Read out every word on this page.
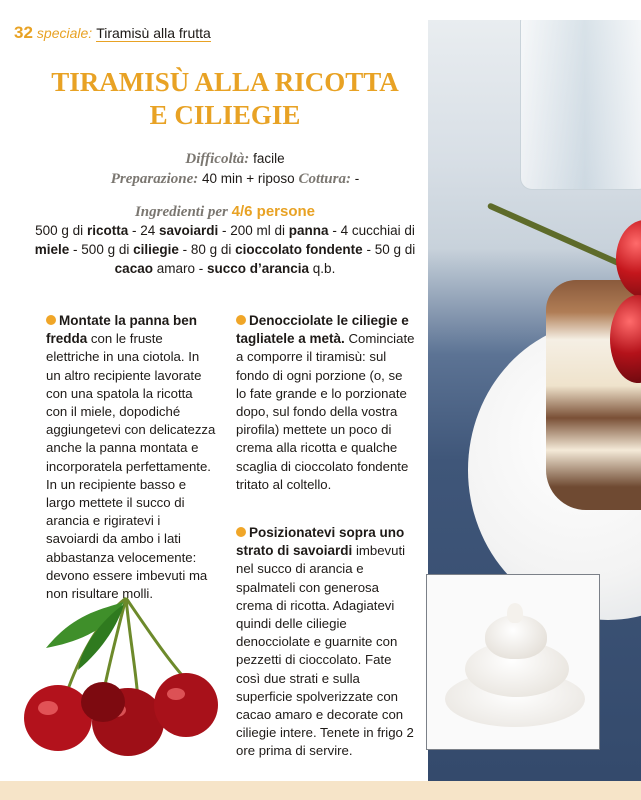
32 speciale: Tiramisù alla frutta
TIRAMISÙ ALLA RICOTTA
E CILIEGIE
Difficoltà: facile
Preparazione: 40 min + riposo Cottura: -
Ingredienti per 4/6 persone
500 g di ricotta - 24 savoiardi - 200 ml di panna - 4 cucchiai di miele - 500 g di ciliegie - 80 g di cioccolato fondente - 50 g di cacao amaro - succo d’arancia q.b.
Montate la panna ben fredda con le fruste elettriche in una ciotola. In un altro recipiente lavorate con una spatola la ricotta con il miele, dopodiché aggiungetevi con delicatezza anche la panna montata e incorporatela perfettamente. In un recipiente basso e largo mettete il succo di arancia e rigiratevi i savoiardi da ambo i lati abbastanza velocemente: devono essere imbevuti ma non risultare molli.
Denocciolate le ciliegie e tagliatele a metà. Cominciate a comporre il tiramisù: sul fondo di ogni porzione (o, se lo fate grande e lo porzionate dopo, sul fondo della vostra pirofila) mettete un poco di crema alla ricotta e qualche scaglia di cioccolato fondente tritato al coltello.
Posizionatevi sopra uno strato di savoiardi imbevuti nel succo di arancia e spalmateli con generosa crema di ricotta. Adagiatevi quindi delle ciliegie denocciolate e guarnite con pezzetti di cioccolato. Fate così due strati e sulla superficie spolverizzate con cacao amaro e decorate con ciliegie intere. Tenete in frigo 2 ore prima di servire.
